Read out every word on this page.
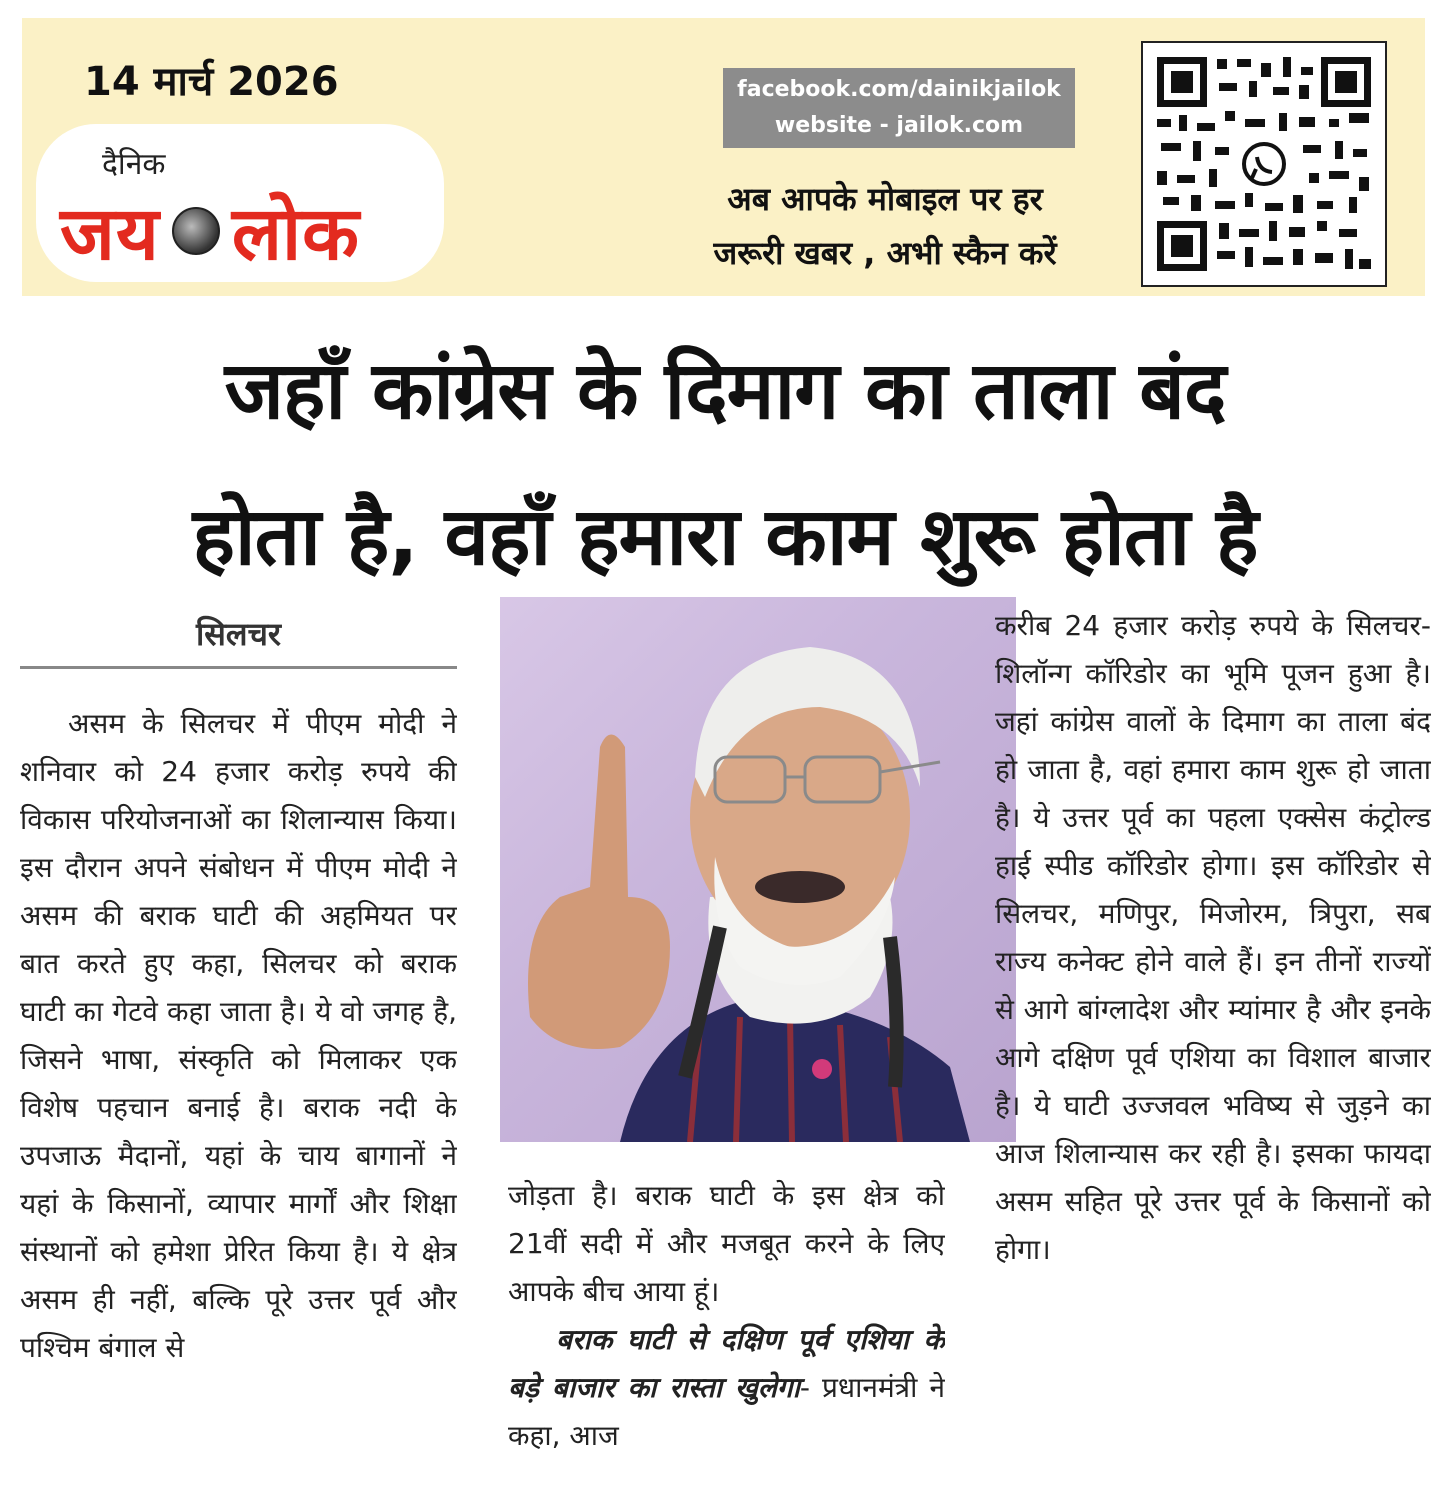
14 मार्च 2026
दैनिक
जय लोक
facebook.com/dainikjailok
website - jailok.com
अब आपके मोबाइल पर हर
जरूरी खबर , अभी स्कैन करें
जहाँ कांग्रेस के दिमाग का ताला बंद
होता है, वहाँ हमारा काम शुरू होता है
सिलचर
असम के सिलचर में पीएम मोदी ने शनिवार को 24 हजार करोड़ रुपये की विकास परियोजनाओं का शिलान्यास किया। इस दौरान अपने संबोधन में पीएम मोदी ने असम की बराक घाटी की अहमियत पर बात करते हुए कहा, सिलचर को बराक घाटी का गेटवे कहा जाता है। ये वो जगह है, जिसने भाषा, संस्कृति को मिलाकर एक विशेष पहचान बनाई है। बराक नदी के उपजाऊ मैदानों, यहां के चाय बागानों ने यहां के किसानों, व्यापार मार्गों और शिक्षा संस्थानों को हमेशा प्रेरित किया है। ये क्षेत्र असम ही नहीं, बल्कि पूरे उत्तर पूर्व और पश्चिम बंगाल से
जोड़ता है। बराक घाटी के इस क्षेत्र को 21वीं सदी में और मजबूत करने के लिए आपके बीच आया हूं।
बराक घाटी से दक्षिण पूर्व एशिया के बड़े बाजार का रास्ता खुलेगा- प्रधानमंत्री ने कहा, आज
करीब 24 हजार करोड़ रुपये के सिलचर-शिलॉन्ग कॉरिडोर का भूमि पूजन हुआ है। जहां कांग्रेस वालों के दिमाग का ताला बंद हो जाता है, वहां हमारा काम शुरू हो जाता है। ये उत्तर पूर्व का पहला एक्सेस कंट्रोल्ड हाई स्पीड कॉरिडोर होगा। इस कॉरिडोर से सिलचर, मणिपुर, मिजोरम, त्रिपुरा, सब राज्य कनेक्ट होने वाले हैं। इन तीनों राज्यों से आगे बांग्लादेश और म्यांमार है और इनके आगे दक्षिण पूर्व एशिया का विशाल बाजार है। ये घाटी उज्जवल भविष्य से जुड़ने का आज शिलान्यास कर रही है। इसका फायदा असम सहित पूरे उत्तर पूर्व के किसानों को होगा।
